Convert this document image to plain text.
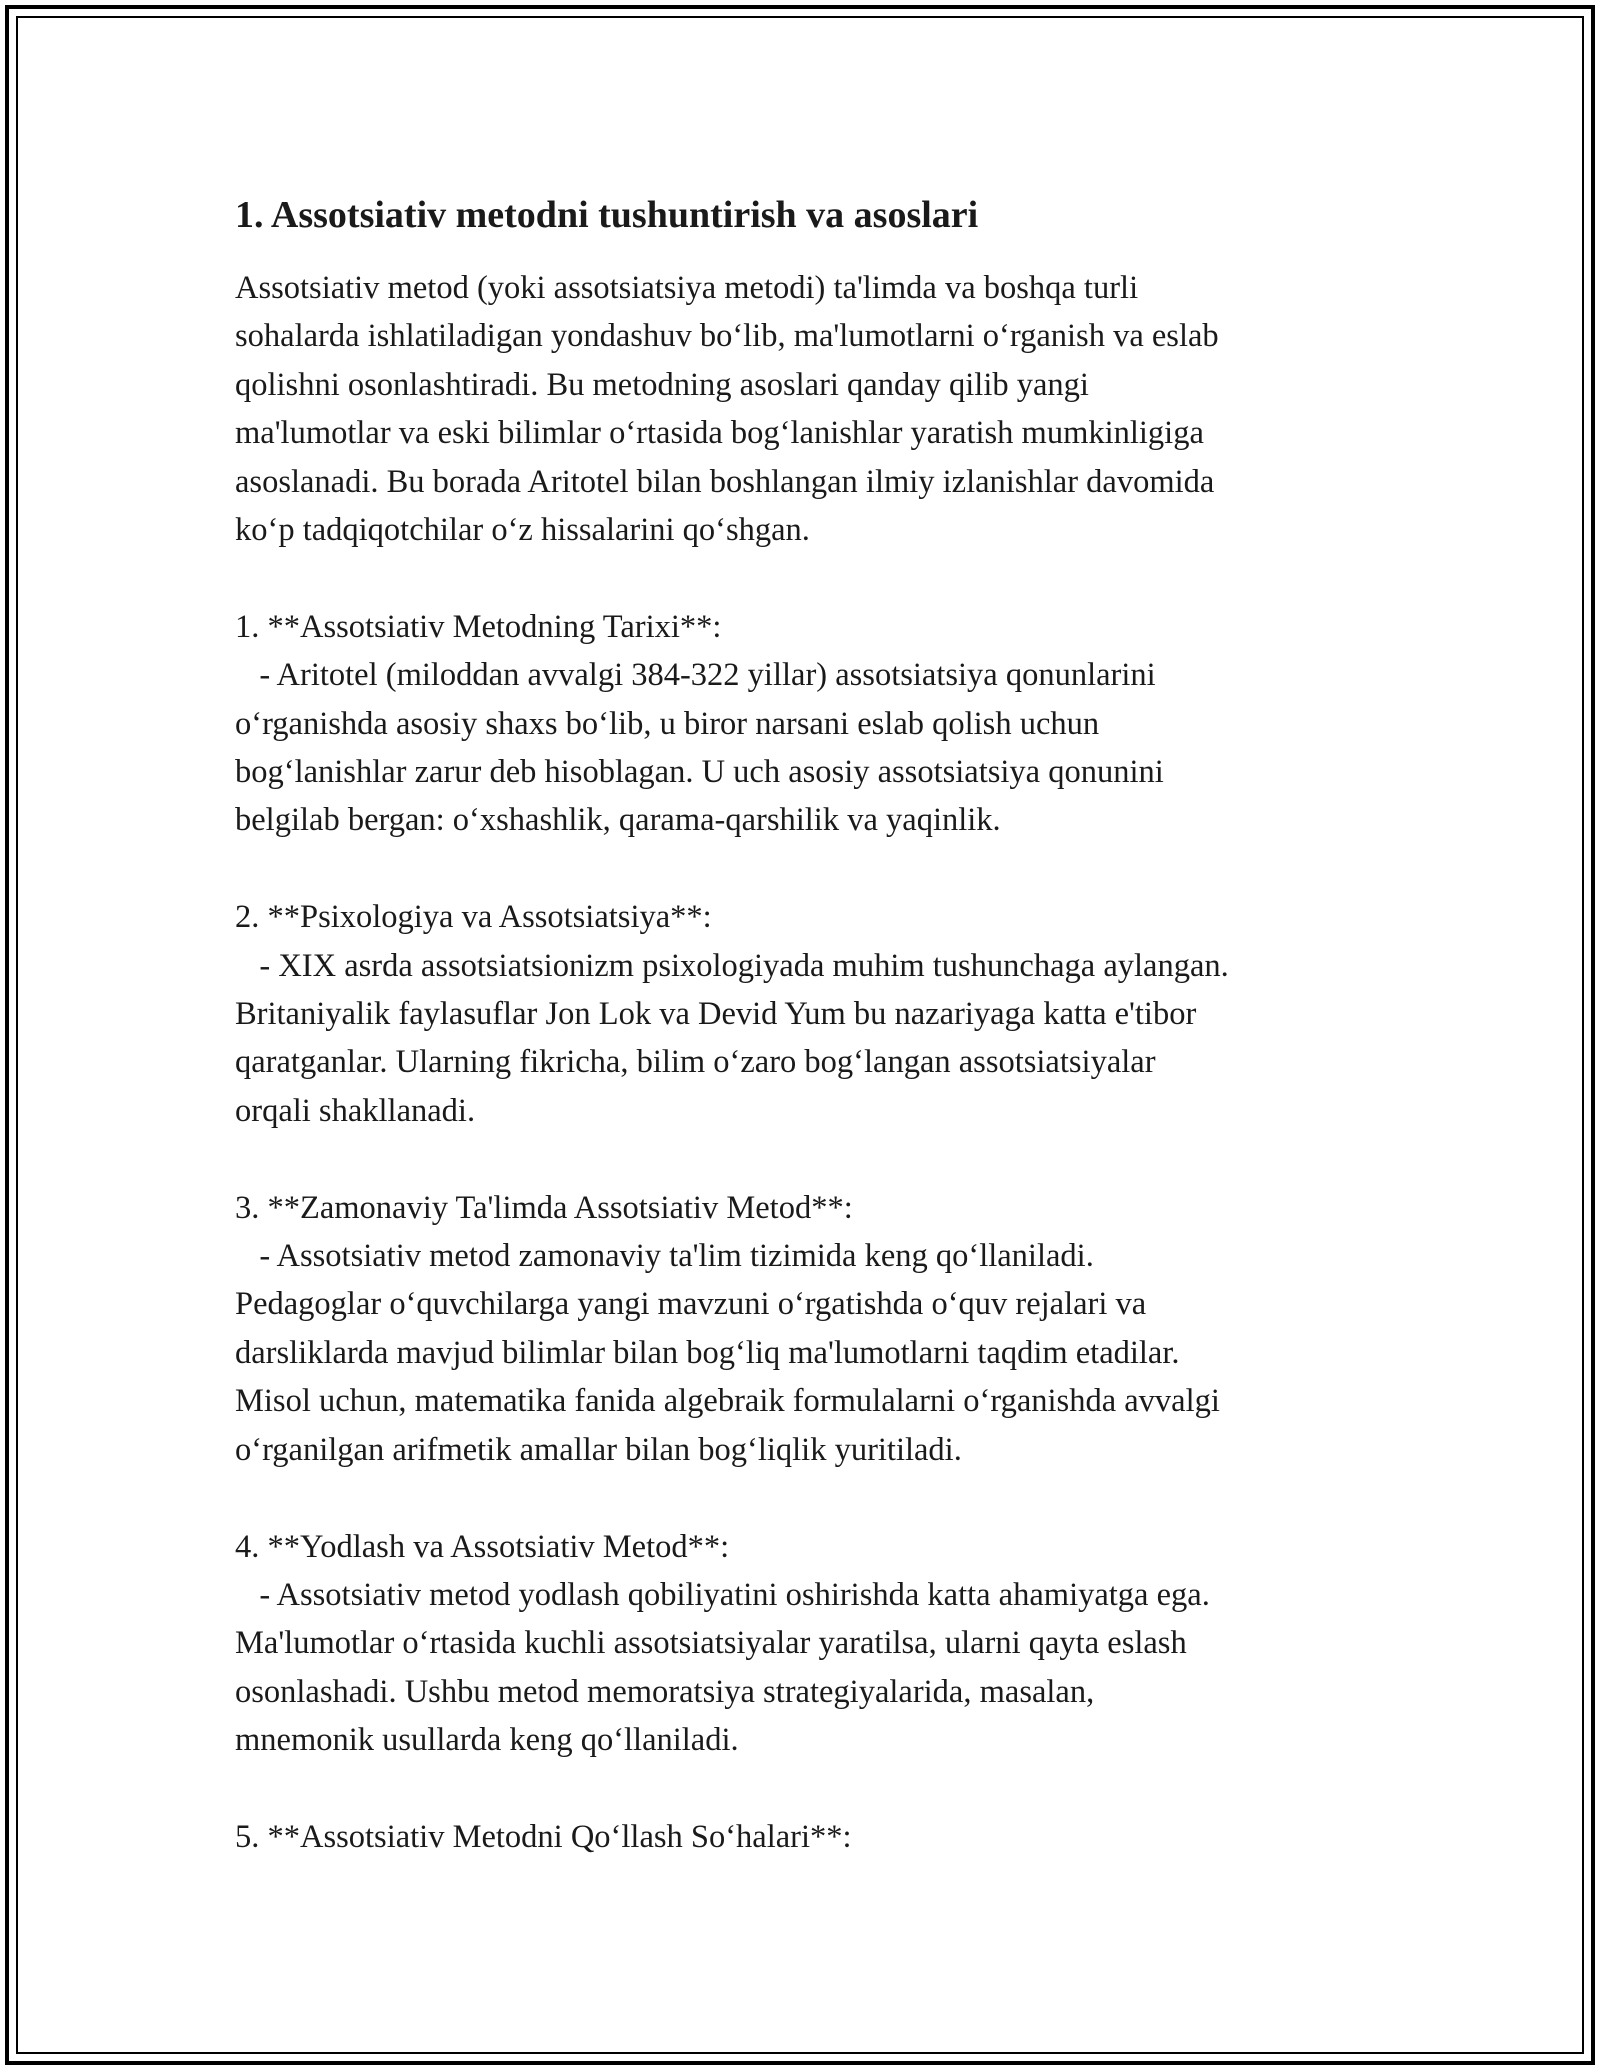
1. Assotsiativ metodni tushuntirish va asoslari

Assotsiativ metod (yoki assotsiatsiya metodi) ta'limda va boshqa turli
sohalarda ishlatiladigan yondashuv bo‘lib, ma'lumotlarni o‘rganish va eslab
qolishni osonlashtiradi. Bu metodning asoslari qanday qilib yangi
ma'lumotlar va eski bilimlar o‘rtasida bog‘lanishlar yaratish mumkinligiga
asoslanadi. Bu borada Aritotel bilan boshlangan ilmiy izlanishlar davomida
ko‘p tadqiqotchilar o‘z hissalarini qo‘shgan.

1. **Assotsiativ Metodning Tarixi**:

- Aritotel (miloddan avvalgi 384-322 yillar) assotsiatsiya qonunlarini
o‘rganishda asosiy shaxs bo‘lib, u biror narsani eslab qolish uchun
bog‘lanishlar zarur deb hisoblagan. U uch asosiy assotsiatsiya qonunini
belgilab bergan: o‘xshashlik, qarama-qarshilik va yaqinlik.

2. **Psixologiya va Assotsiatsiya**:

- XIX asrda assotsiatsionizm psixologiyada muhim tushunchaga aylangan.
Britaniyalik faylasuflar Jon Lok va Devid Yum bu nazariyaga katta e'tibor
qaratganlar. Ularning fikricha, bilim o‘zaro bog‘langan assotsiatsiyalar
orqali shakllanadi.

3. **Zamonaviy Ta'limda Assotsiativ Metod**:

- Assotsiativ metod zamonaviy ta'lim tizimida keng qo‘llaniladi.
Pedagoglar o‘quvchilarga yangi mavzuni o‘rgatishda o‘quv rejalari va
darsliklarda mavjud bilimlar bilan bog‘liq ma'lumotlarni taqdim etadilar.
Misol uchun, matematika fanida algebraik formulalarni o‘rganishda avvalgi
o‘rganilgan arifmetik amallar bilan bog‘liqlik yuritiladi.

4. **Yodlash va Assotsiativ Metod**:

- Assotsiativ metod yodlash qobiliyatini oshirishda katta ahamiyatga ega.
Ma'lumotlar o‘rtasida kuchli assotsiatsiyalar yaratilsa, ularni qayta eslash
osonlashadi. Ushbu metod memoratsiya strategiyalarida, masalan,
mnemonik usullarda keng qo‘llaniladi.

5. **Assotsiativ Metodni Qo‘llash So‘halari**:
